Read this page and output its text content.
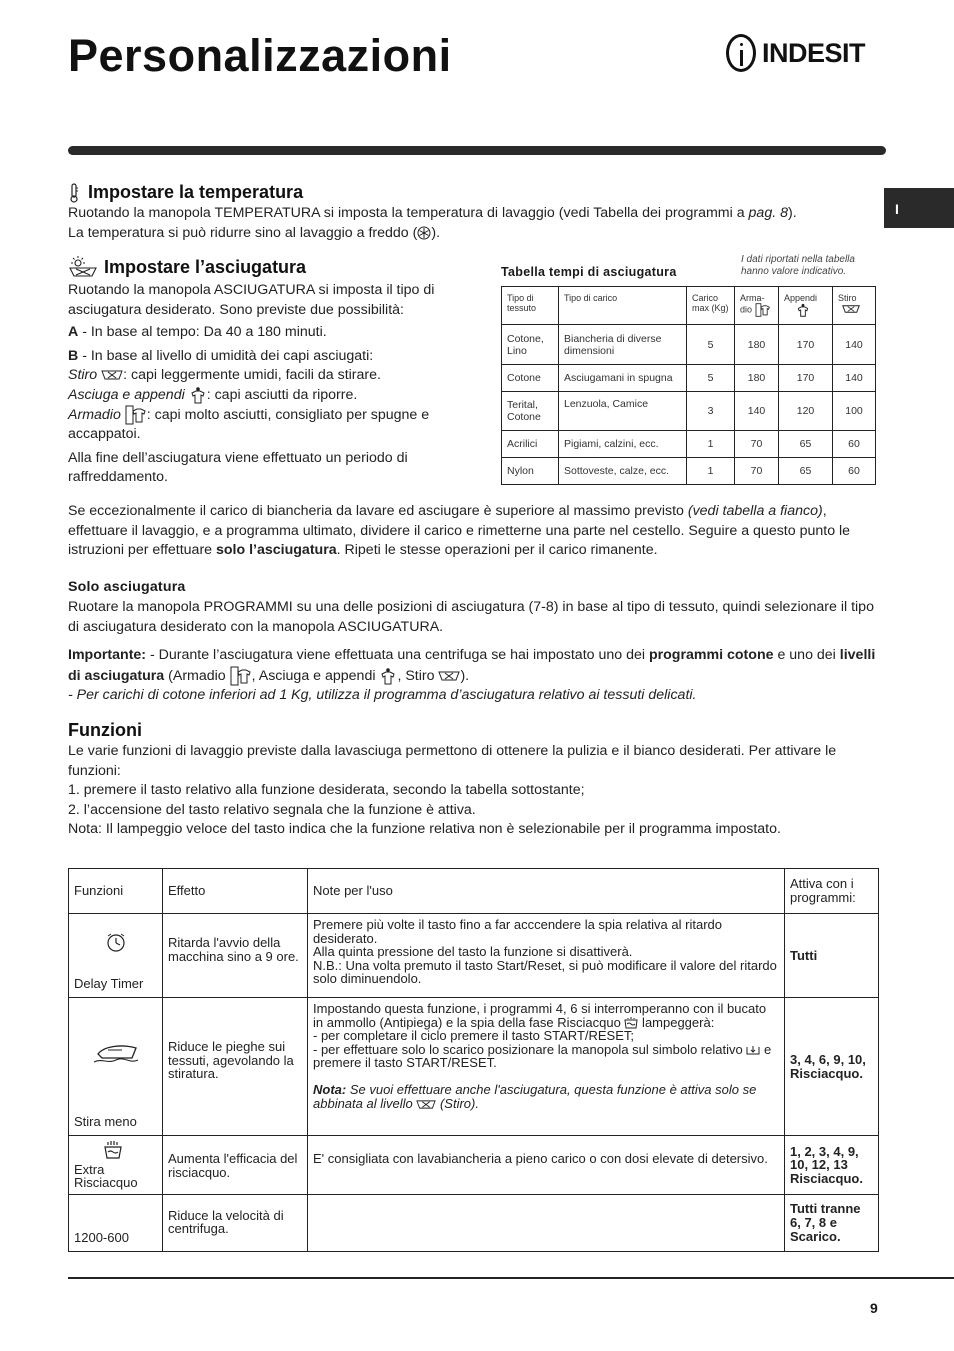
Personalizzazioni	INDESIT
I
Impostare la temperatura
Ruotando la manopola TEMPERATURA si imposta la temperatura di lavaggio (vedi Tabella dei programmi a pag. 8).
La temperatura si può ridurre sino al lavaggio a freddo ( ).
Impostare l’asciugatura
Ruotando la manopola ASCIUGATURA si imposta il tipo di asciugatura desiderato. Sono previste due possibilità:
A - In base al tempo: Da 40 a 180 minuti.
B - In base al livello di umidità dei capi asciugati:
Stiro : capi leggermente umidi, facili da stirare.
Asciuga e appendi : capi asciutti da riporre.
Armadio : capi molto asciutti, consigliato per spugne e accappatoi.
Alla fine dell’asciugatura viene effettuato un periodo di raffreddamento.
Tabella tempi di asciugatura
I dati riportati nella tabella hanno valore indicativo.
Tipo di tessuto	Tipo di carico	Carico max (Kg)	Arma- dio	Appendi	Stiro

Cotone, Lino	Biancheria di diverse dimensioni	5	180	170	140
Cotone	Asciugamani in spugna	5	180	170	140
Terital, Cotone	Lenzuola, Camice	3	140	120	100
Acrilici	Pigiami, calzini, ecc.	1	70	65	60
Nylon	Sottoveste, calze, ecc.	1	70	65	60
Se eccezionalmente il carico di biancheria da lavare ed asciugare è superiore al massimo previsto (vedi tabella a fianco), effettuare il lavaggio, e a programma ultimato, dividere il carico e rimetterne una parte nel cestello. Seguire a questo punto le istruzioni per effettuare solo l’asciugatura. Ripeti le stesse operazioni per il carico rimanente.
Solo asciugatura
Ruotare la manopola PROGRAMMI su una delle posizioni di asciugatura (7-8) in base al tipo di tessuto, quindi selezionare il tipo di asciugatura desiderato con la manopola ASCIUGATURA.
Importante: - Durante l’asciugatura viene effettuata una centrifuga se hai impostato uno dei programmi cotone e uno dei livelli di asciugatura (Armadio , Asciuga e appendi , Stiro ).
- Per carichi di cotone inferiori ad 1 Kg, utilizza il programma d’asciugatura relativo ai tessuti delicati.
Funzioni
Le varie funzioni di lavaggio previste dalla lavasciuga permettono di ottenere la pulizia e il bianco desiderati. Per attivare le funzioni:
1. premere il tasto relativo alla funzione desiderata, secondo la tabella sottostante;
2. l’accensione del tasto relativo segnala che la funzione è attiva.
Nota: Il lampeggio veloce del tasto indica che la funzione relativa non è selezionabile per il programma impostato.
Funzioni	Effetto	Note per l'uso	Attiva con i programmi:

Delay Timer	Ritarda l'avvio della macchina sino a 9 ore.	Premere più volte il tasto fino a far acccendere la spia relativa al ritardo desiderato.
Alla quinta pressione del tasto la funzione si disattiverà.
N.B.: Una volta premuto il tasto Start/Reset, si può modificare il valore del ritardo solo diminuendolo.	Tutti

Stira meno	Riduce le pieghe sui tessuti, agevolando la stiratura.	Impostando questa funzione, i programmi 4, 6 si interromperanno con il bucato in ammollo (Antipiega) e la spia della fase Risciacquo  lampeggerà:
- per completare il ciclo premere il tasto START/RESET;
- per effettuare solo lo scarico posizionare la manopola sul simbolo relativo  e premere il tasto START/RESET.

Nota: Se vuoi effettuare anche l'asciugatura, questa funzione è attiva solo se abbinata al livello  (Stiro).	3, 4, 6, 9, 10, Risciacquo.

Extra Risciacquo	Aumenta l'efficacia del risciacquo.	E' consigliata con lavabiancheria a pieno carico o con dosi elevate di detersivo.	1, 2, 3, 4, 9, 10, 12, 13 Risciacquo.
1200-600	Riduce la velocità di centrifuga.		Tutti tranne 6, 7, 8 e Scarico.
9
